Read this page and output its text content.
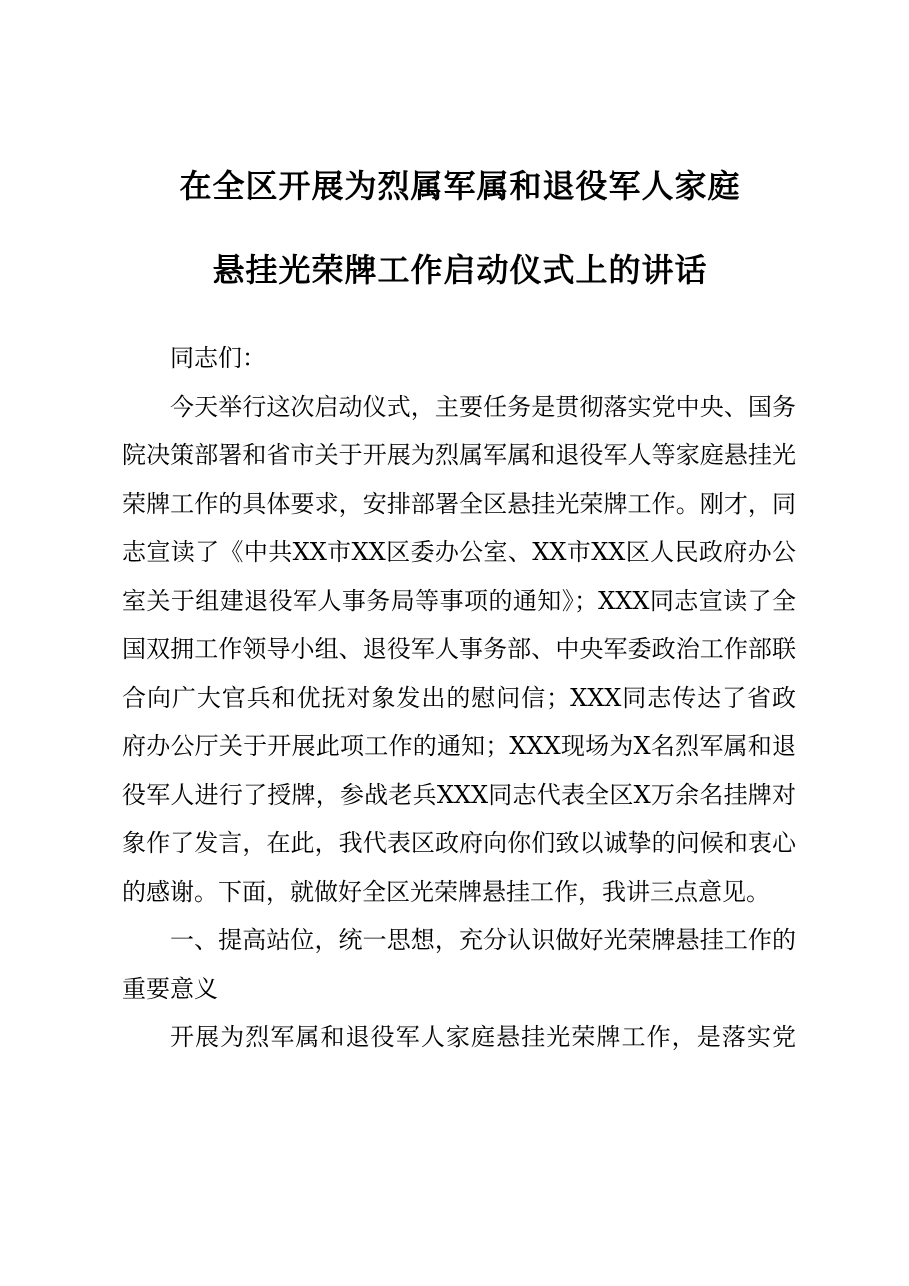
在全区开展为烈属军属和退役军人家庭
悬挂光荣牌工作启动仪式上的讲话

同志们：

今天举行这次启动仪式，主要任务是贯彻落实党中央、国务院决策部署和省市关于开展为烈属军属和退役军人等家庭悬挂光荣牌工作的具体要求，安排部署全区悬挂光荣牌工作。刚才，同志宣读了《中共XX市XX区委办公室、XX市XX区人民政府办公室关于组建退役军人事务局等事项的通知》；XXX同志宣读了全国双拥工作领导小组、退役军人事务部、中央军委政治工作部联合向广大官兵和优抚对象发出的慰问信；XXX同志传达了省政府办公厅关于开展此项工作的通知；XXX现场为X名烈军属和退役军人进行了授牌，参战老兵XXX同志代表全区X万余名挂牌对象作了发言，在此，我代表区政府向你们致以诚挚的问候和衷心的感谢。下面，就做好全区光荣牌悬挂工作，我讲三点意见。

一、提高站位，统一思想，充分认识做好光荣牌悬挂工作的重要意义

开展为烈军属和退役军人家庭悬挂光荣牌工作，是落实党
